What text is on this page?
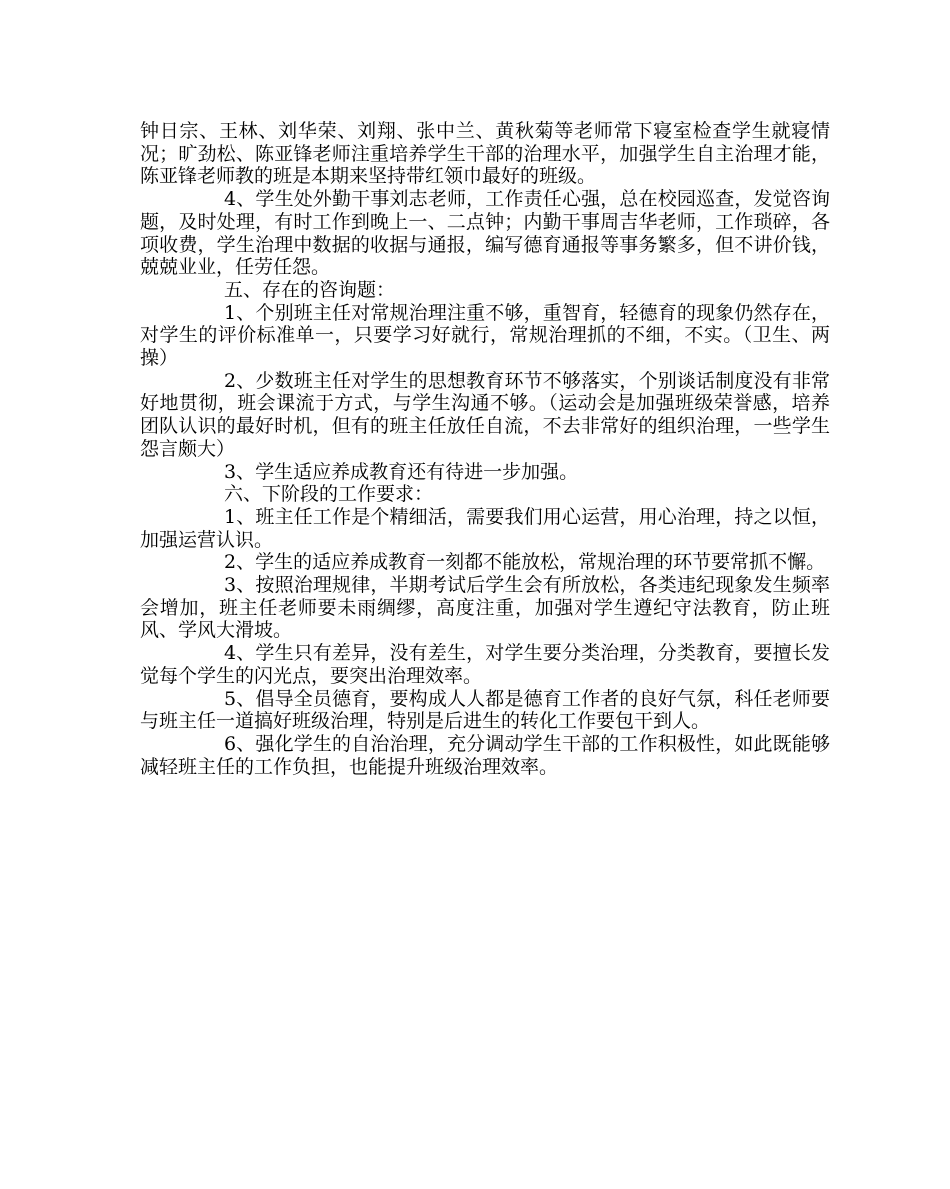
钟日宗、王林、刘华荣、刘翔、张中兰、黄秋菊等老师常下寝室检查学生就寝情况；旷劲松、陈亚锋老师注重培养学生干部的治理水平，加强学生自主治理才能，陈亚锋老师教的班是本期来坚持带红领巾最好的班级。

4、学生处外勤干事刘志老师，工作责任心强，总在校园巡查，发觉咨询题，及时处理，有时工作到晚上一、二点钟；内勤干事周吉华老师，工作琐碎，各项收费，学生治理中数据的收据与通报，编写德育通报等事务繁多，但不讲价钱，兢兢业业，任劳任怨。

五、存在的咨询题：

1、个别班主任对常规治理注重不够，重智育，轻德育的现象仍然存在，对学生的评价标准单一，只要学习好就行，常规治理抓的不细，不实。（卫生、两操）

2、少数班主任对学生的思想教育环节不够落实，个别谈话制度没有非常好地贯彻，班会课流于方式，与学生沟通不够。（运动会是加强班级荣誉感，培养团队认识的最好时机，但有的班主任放任自流，不去非常好的组织治理，一些学生怨言颇大）

3、学生适应养成教育还有待进一步加强。

六、下阶段的工作要求：

1、班主任工作是个精细活，需要我们用心运营，用心治理，持之以恒，加强运营认识。

2、学生的适应养成教育一刻都不能放松，常规治理的环节要常抓不懈。

3、按照治理规律，半期考试后学生会有所放松，各类违纪现象发生频率会增加，班主任老师要未雨绸缪，高度注重，加强对学生遵纪守法教育，防止班风、学风大滑坡。

4、学生只有差异，没有差生，对学生要分类治理，分类教育，要擅长发觉每个学生的闪光点，要突出治理效率。

5、倡导全员德育，要构成人人都是德育工作者的良好气氛，科任老师要与班主任一道搞好班级治理，特别是后进生的转化工作要包干到人。

6、强化学生的自治治理，充分调动学生干部的工作积极性，如此既能够减轻班主任的工作负担，也能提升班级治理效率。
